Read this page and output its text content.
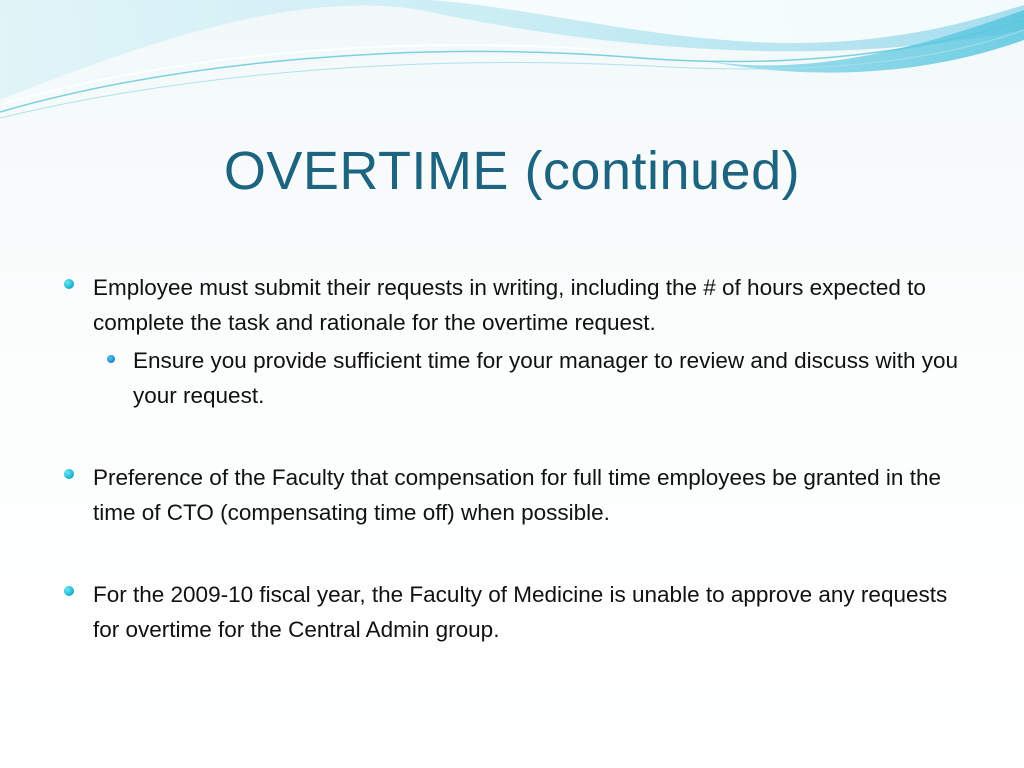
OVERTIME (continued)
Employee must submit their requests in writing, including the # of hours expected to complete the task and rationale for the overtime request.
Ensure you provide sufficient time for your manager to review and discuss with you your request.
Preference of the Faculty that compensation for full time employees be granted in the time of CTO (compensating time off) when possible.
For the 2009-10 fiscal year, the Faculty of Medicine is unable to approve any requests for overtime for the Central Admin group.
